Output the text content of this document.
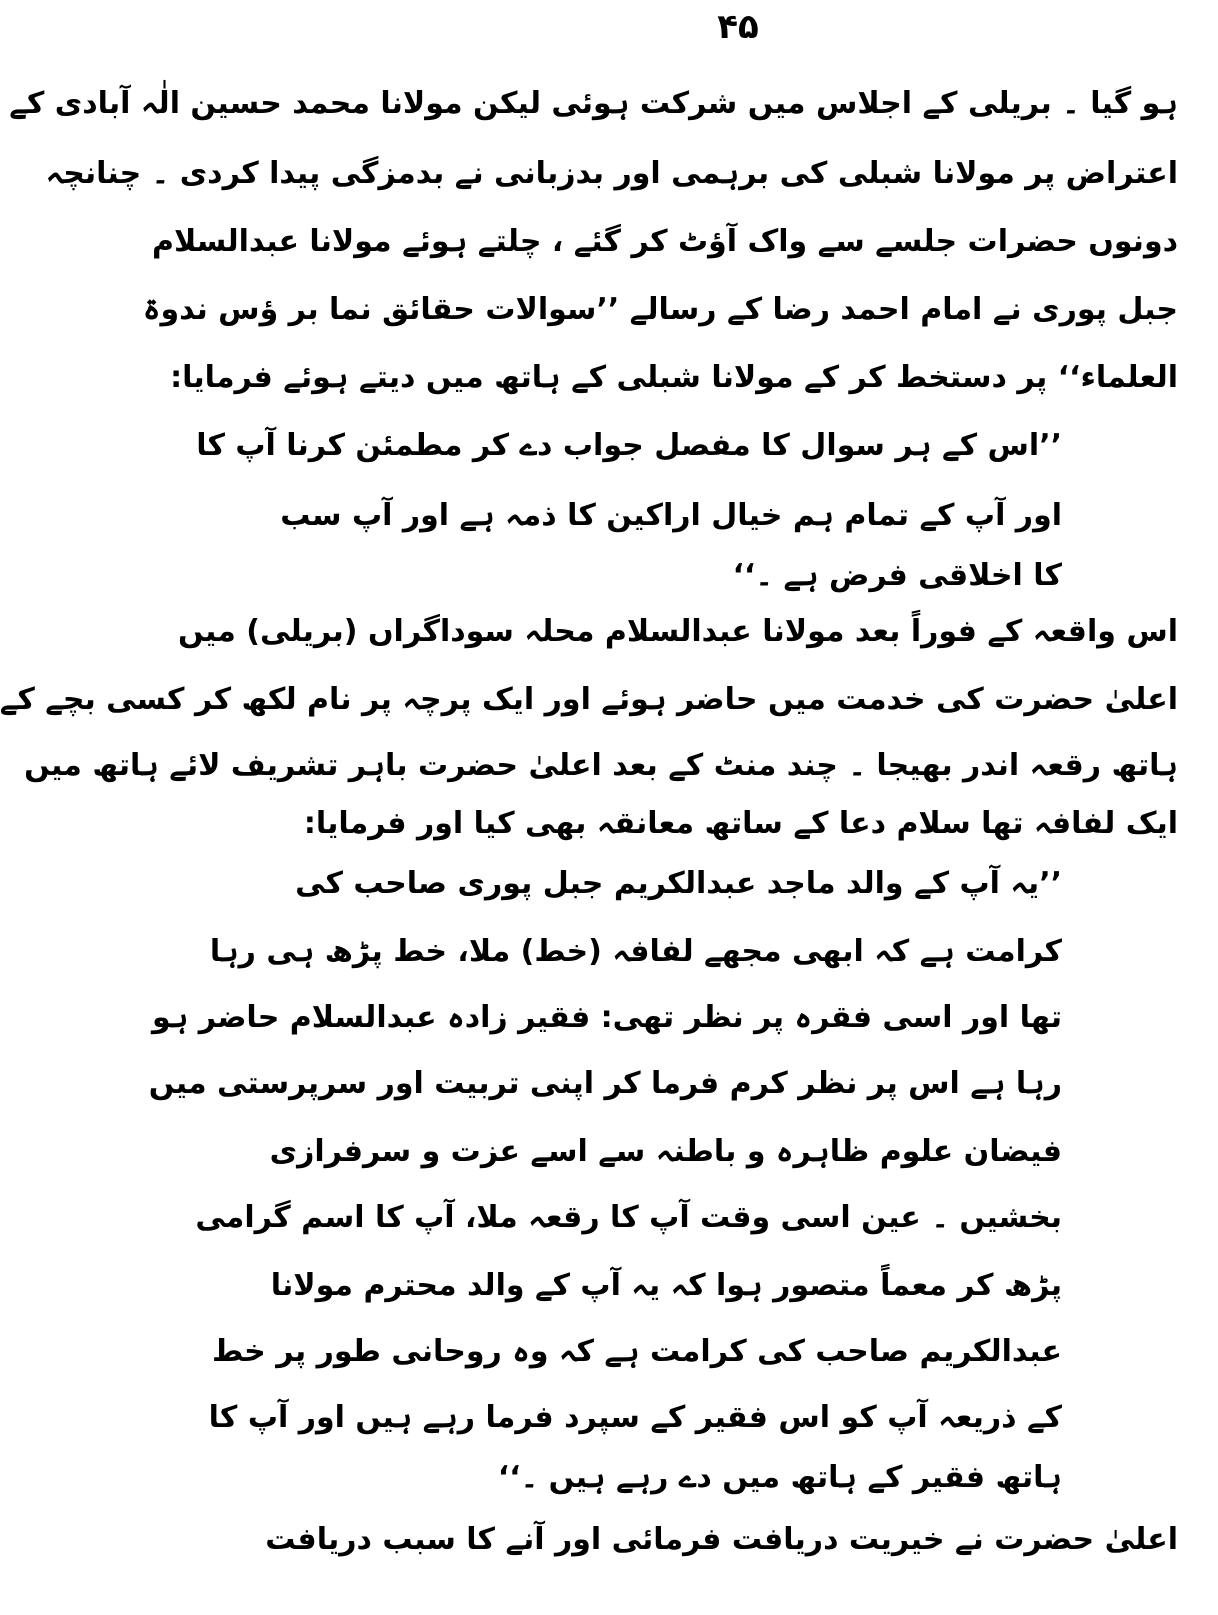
۴۵
ہو گیا ۔ بریلی کے اجلاس میں شرکت ہوئی لیکن مولانا محمد حسین الٰہ آبادی کے
اعتراض پر مولانا شبلی کی برہمی اور بدزبانی نے بدمزگی پیدا کردی ۔ چنانچہ
دونوں حضرات جلسے سے واک آؤٹ کر گئے ، چلتے ہوئے مولانا عبدالسلام
جبل پوری نے امام احمد رضا کے رسالے ’’سوالات حقائق نما بر ؤس ندوۃ
العلماء‘‘ پر دستخط کر کے مولانا شبلی کے ہاتھ میں دیتے ہوئے فرمایا:
’’اس کے ہر سوال کا مفصل جواب دے کر مطمئن کرنا آپ کا
اور آپ کے تمام ہم خیال اراکین کا ذمہ ہے اور آپ سب
کا اخلاقی فرض ہے ۔‘‘
اس واقعہ کے فوراً بعد مولانا عبدالسلام محلہ سوداگراں (بریلی) میں
اعلیٰ حضرت کی خدمت میں حاضر ہوئے اور ایک پرچہ پر نام لکھ کر کسی بچے کے
ہاتھ رقعہ اندر بھیجا ۔ چند منٹ کے بعد اعلیٰ حضرت باہر تشریف لائے ہاتھ میں
ایک لفافہ تھا سلام دعا کے ساتھ معانقہ بھی کیا اور فرمایا:
’’یہ آپ کے والد ماجد عبدالکریم جبل پوری صاحب کی
کرامت ہے کہ ابھی مجھے لفافہ (خط) ملا، خط پڑھ ہی رہا
تھا اور اسی فقرہ پر نظر تھی: فقیر زادہ عبدالسلام حاضر ہو
رہا ہے اس پر نظر کرم فرما کر اپنی تربیت اور سرپرستی میں
فیضان علوم ظاہرہ و باطنہ سے اسے عزت و سرفرازی
بخشیں ۔ عین اسی وقت آپ کا رقعہ ملا، آپ کا اسم گرامی
پڑھ کر معماً متصور ہوا کہ یہ آپ کے والد محترم مولانا
عبدالکریم صاحب کی کرامت ہے کہ وہ روحانی طور پر خط
کے ذریعہ آپ کو اس فقیر کے سپرد فرما رہے ہیں اور آپ کا
ہاتھ فقیر کے ہاتھ میں دے رہے ہیں ۔‘‘
اعلیٰ حضرت نے خیریت دریافت فرمائی اور آنے کا سبب دریافت
